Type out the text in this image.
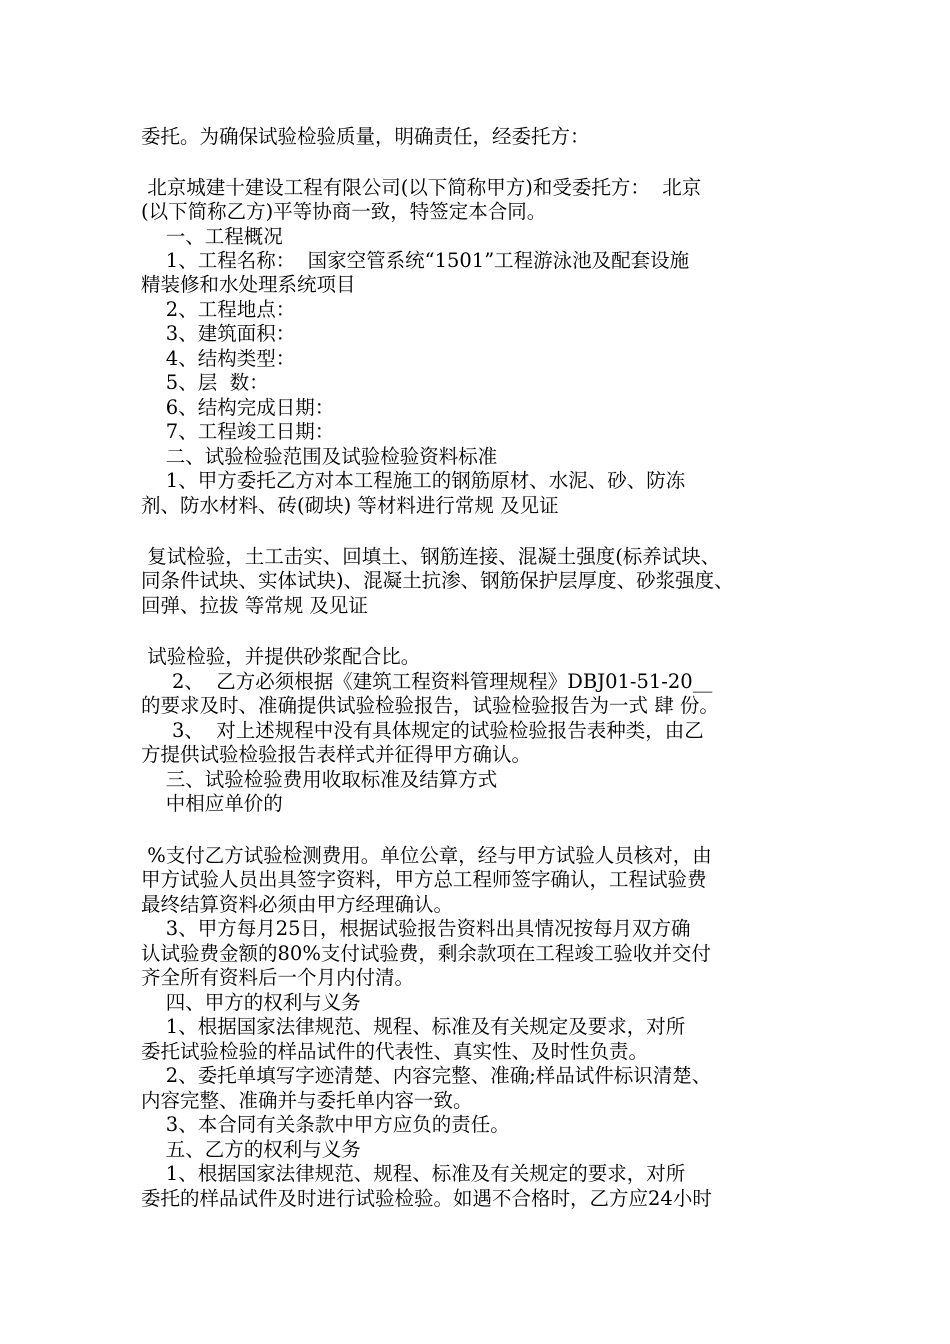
委托。为确保试验检验质量，明确责任，经委托方：
北京城建十建设工程有限公司(以下简称甲方)和受委托方：  北京
(以下简称乙方)平等协商一致，特签定本合同。
一、工程概况
1、工程名称：  国家空管系统“1501”工程游泳池及配套设施
精装修和水处理系统项目
2、工程地点：
3、建筑面积：
4、结构类型：
5、层  数：
6、结构完成日期：
7、工程竣工日期：
二、试验检验范围及试验检验资料标准
1、甲方委托乙方对本工程施工的钢筋原材、水泥、砂、防冻
剂、防水材料、砖(砌块) 等材料进行常规 及见证
复试检验，土工击实、回填土、钢筋连接、混凝土强度(标养试块、
同条件试块、实体试块)、混凝土抗渗、钢筋保护层厚度、砂浆强度、
回弹、拉拔 等常规 及见证
试验检验，并提供砂浆配合比。
2、  乙方必须根据《建筑工程资料管理规程》DBJ01-51-20__
的要求及时、准确提供试验检验报告，试验检验报告为一式 肆 份。
3、  对上述规程中没有具体规定的试验检验报告表种类，由乙
方提供试验检验报告表样式并征得甲方确认。
三、试验检验费用收取标准及结算方式
中相应单价的
%支付乙方试验检测费用。单位公章，经与甲方试验人员核对，由
甲方试验人员出具签字资料，甲方总工程师签字确认，工程试验费
最终结算资料必须由甲方经理确认。
3、甲方每月25日，根据试验报告资料出具情况按每月双方确
认试验费金额的80%支付试验费，剩余款项在工程竣工验收并交付
齐全所有资料后一个月内付清。
四、甲方的权利与义务
1、根据国家法律规范、规程、标准及有关规定及要求，对所
委托试验检验的样品试件的代表性、真实性、及时性负责。
2、委托单填写字迹清楚、内容完整、准确;样品试件标识清楚、
内容完整、准确并与委托单内容一致。
3、本合同有关条款中甲方应负的责任。
五、乙方的权利与义务
1、根据国家法律规范、规程、标准及有关规定的要求，对所
委托的样品试件及时进行试验检验。如遇不合格时，乙方应24小时
